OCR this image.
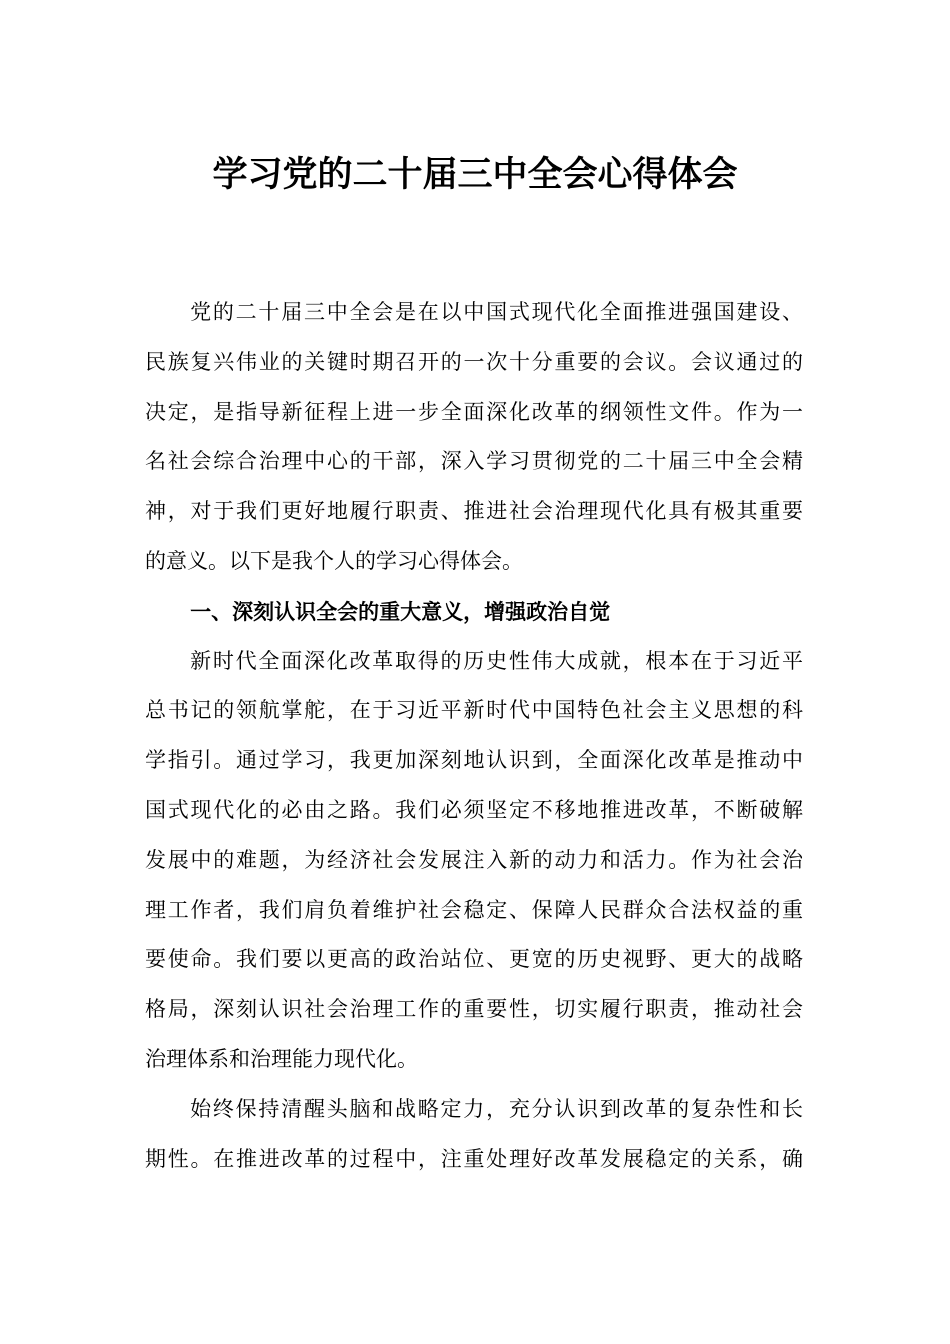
学习党的二十届三中全会心得体会
党的二十届三中全会是在以中国式现代化全面推进强国建设、
民族复兴伟业的关键时期召开的一次十分重要的会议。会议通过的
决定，是指导新征程上进一步全面深化改革的纲领性文件。作为一
名社会综合治理中心的干部，深入学习贯彻党的二十届三中全会精
神，对于我们更好地履行职责、推进社会治理现代化具有极其重要
的意义。以下是我个人的学习心得体会。
一、深刻认识全会的重大意义，增强政治自觉
新时代全面深化改革取得的历史性伟大成就，根本在于习近平
总书记的领航掌舵，在于习近平新时代中国特色社会主义思想的科
学指引。通过学习，我更加深刻地认识到，全面深化改革是推动中
国式现代化的必由之路。我们必须坚定不移地推进改革，不断破解
发展中的难题，为经济社会发展注入新的动力和活力。作为社会治
理工作者，我们肩负着维护社会稳定、保障人民群众合法权益的重
要使命。我们要以更高的政治站位、更宽的历史视野、更大的战略
格局，深刻认识社会治理工作的重要性，切实履行职责，推动社会
治理体系和治理能力现代化。
始终保持清醒头脑和战略定力，充分认识到改革的复杂性和长
期性。在推进改革的过程中，注重处理好改革发展稳定的关系，确
